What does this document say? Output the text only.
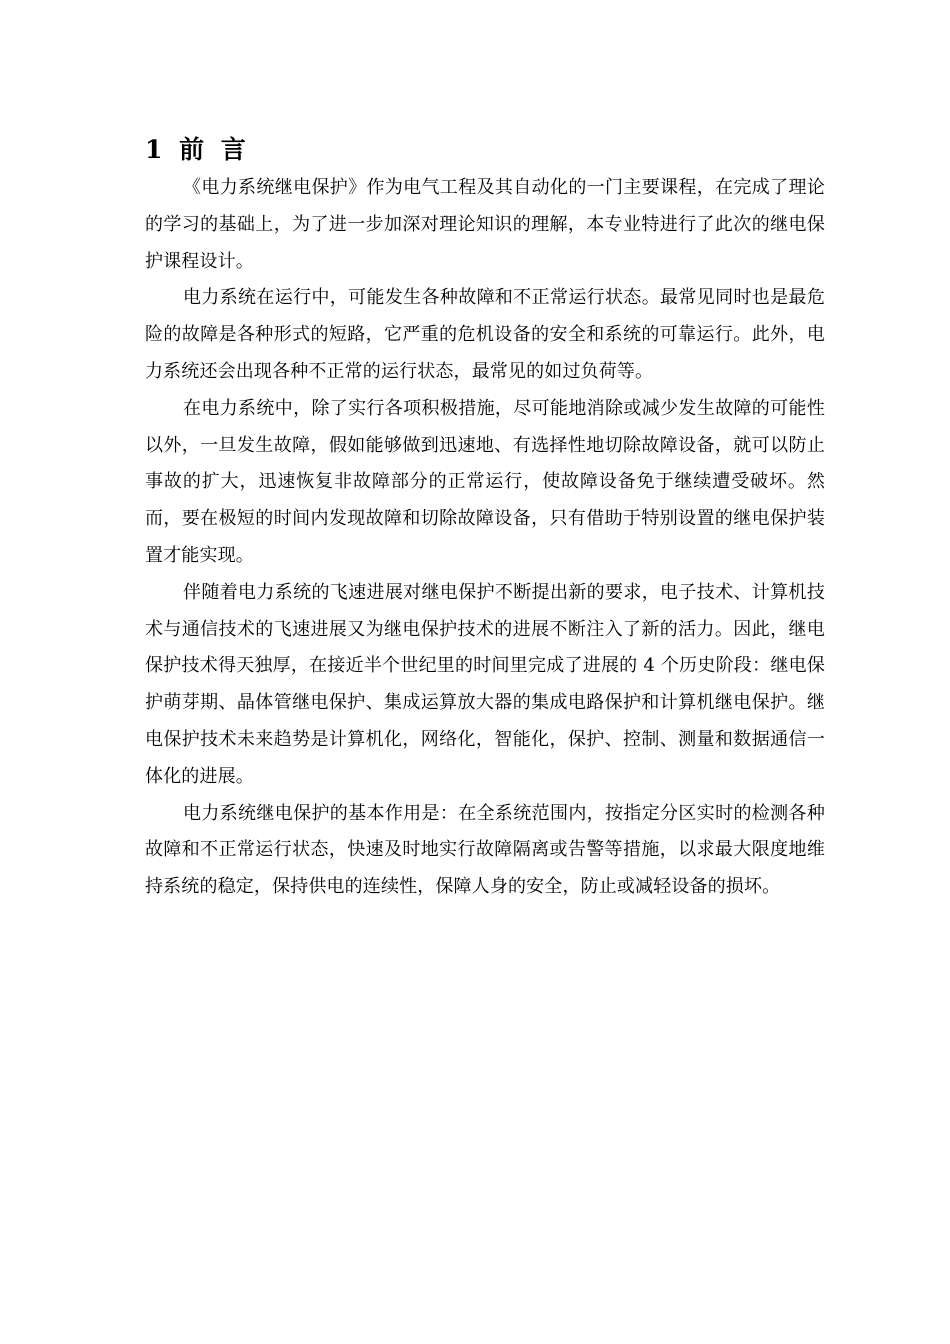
1 前 言

《电力系统继电保护》作为电气工程及其自动化的一门主要课程，在完成了理论的学习的基础上，为了进一步加深对理论知识的理解，本专业特进行了此次的继电保护课程设计。

电力系统在运行中，可能发生各种故障和不正常运行状态。最常见同时也是最危险的故障是各种形式的短路，它严重的危机设备的安全和系统的可靠运行。此外，电力系统还会出现各种不正常的运行状态，最常见的如过负荷等。

在电力系统中，除了实行各项积极措施，尽可能地消除或减少发生故障的可能性以外，一旦发生故障，假如能够做到迅速地、有选择性地切除故障设备，就可以防止事故的扩大，迅速恢复非故障部分的正常运行，使故障设备免于继续遭受破坏。然而，要在极短的时间内发现故障和切除故障设备，只有借助于特别设置的继电保护装置才能实现。

伴随着电力系统的飞速进展对继电保护不断提出新的要求，电子技术、计算机技术与通信技术的飞速进展又为继电保护技术的进展不断注入了新的活力。因此，继电保护技术得天独厚，在接近半个世纪里的时间里完成了进展的 4 个历史阶段：继电保护萌芽期、晶体管继电保护、集成运算放大器的集成电路保护和计算机继电保护。继电保护技术未来趋势是计算机化，网络化，智能化，保护、控制、测量和数据通信一体化的进展。

电力系统继电保护的基本作用是：在全系统范围内，按指定分区实时的检测各种故障和不正常运行状态，快速及时地实行故障隔离或告警等措施，以求最大限度地维持系统的稳定，保持供电的连续性，保障人身的安全，防止或减轻设备的损坏。
